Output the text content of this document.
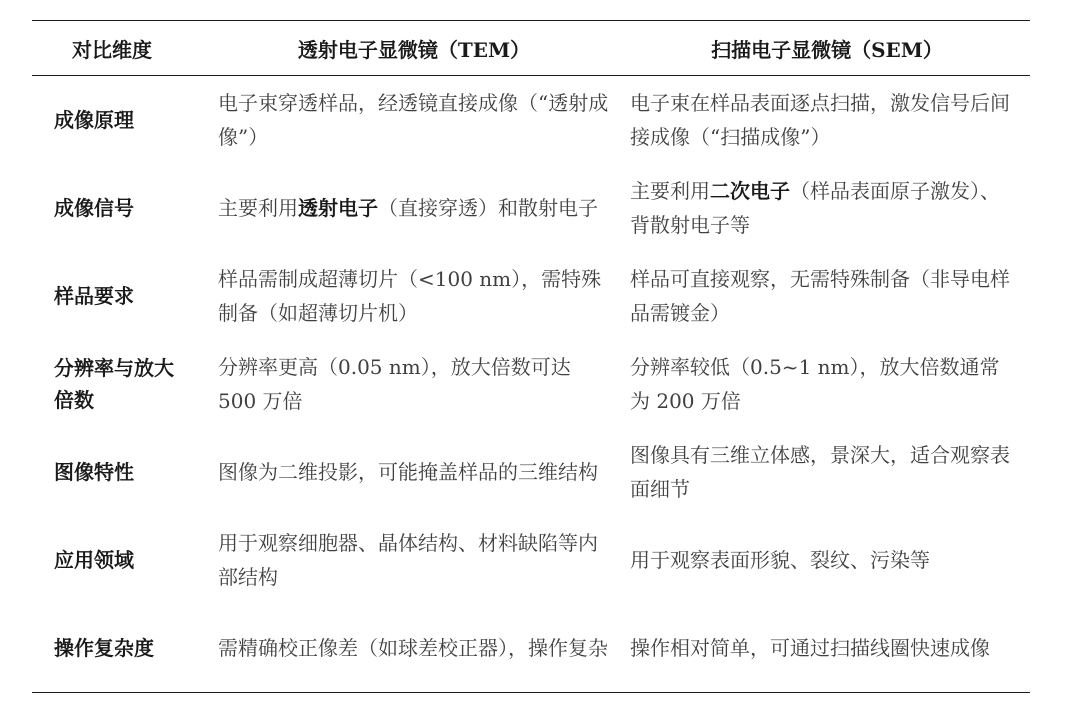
对比维度	透射电子显微镜（TEM）	扫描电子显微镜（SEM）
成像原理	电子束穿透样品，经透镜直接成像（“透射成像”）	电子束在样品表面逐点扫描，激发信号后间接成像（“扫描成像”）
成像信号	主要利用透射电子（直接穿透）和散射电子	主要利用二次电子（样品表面原子激发）、背散射电子等
样品要求	样品需制成超薄切片（<100 nm），需特殊制备（如超薄切片机）	样品可直接观察，无需特殊制备（非导电样品需镀金）

分辨率与放大倍数	分辨率更高（0.05 nm），放大倍数可达 500 万倍	分辨率较低（0.5~1 nm），放大倍数通常为 200 万倍
图像特性	图像为二维投影，可能掩盖样品的三维结构	图像具有三维立体感，景深大，适合观察表面细节
应用领域	用于观察细胞器、晶体结构、材料缺陷等内部结构	用于观察表面形貌、裂纹、污染等
操作复杂度	需精确校正像差（如球差校正器），操作复杂	操作相对简单，可通过扫描线圈快速成像
